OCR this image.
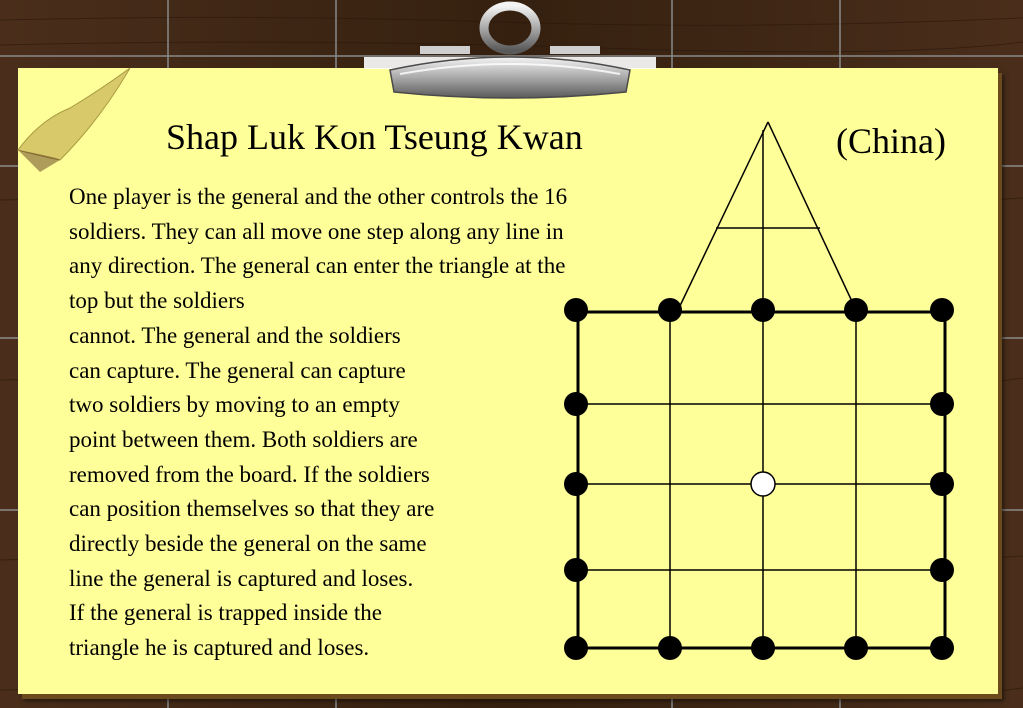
Shap Luk Kon Tseung Kwan	(China)
One player is the general and the other controls the 16
soldiers. They can all move one step along any line in
any direction. The general can enter the triangle at the
top but the soldiers
cannot. The general and the soldiers
can capture. The general can capture
two soldiers by moving to an empty
point between them. Both soldiers are
removed from the board. If the soldiers
can position themselves so that they are
directly beside the general on the same
line the general is captured and loses.
If the general is trapped inside the
triangle he is captured and loses.
